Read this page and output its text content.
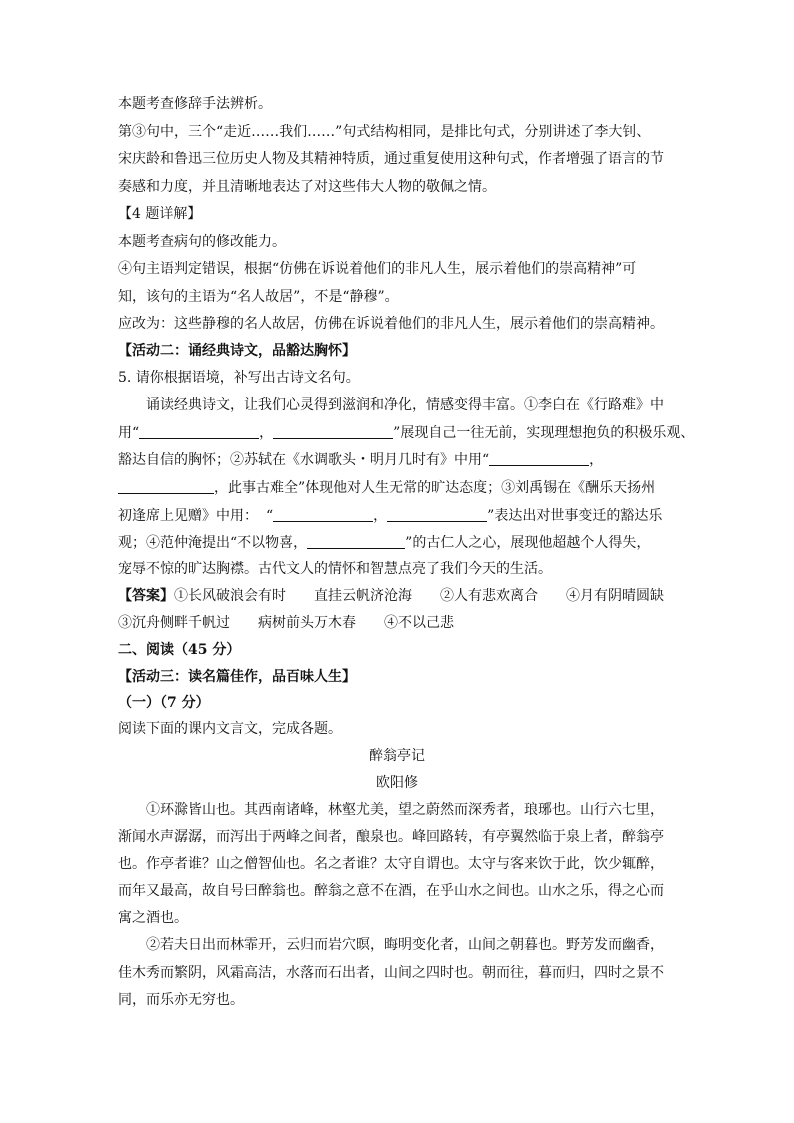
本题考查修辞手法辨析。
第③句中，三个“走近……我们……”句式结构相同，是排比句式，分别讲述了李大钊、
宋庆龄和鲁迅三位历史人物及其精神特质，通过重复使用这种句式，作者增强了语言的节
奏感和力度，并且清晰地表达了对这些伟大人物的敬佩之情。
【4 题详解】
本题考查病句的修改能力。
④句主语判定错误，根据“仿佛在诉说着他们的非凡人生，展示着他们的崇高精神”可
知，该句的主语为“名人故居”，不是“静穆”。
应改为：这些静穆的名人故居，仿佛在诉说着他们的非凡人生，展示着他们的崇高精神。
【活动二：诵经典诗文，品豁达胸怀】
5. 请你根据语境，补写出古诗文名句。
诵读经典诗文，让我们心灵得到滋润和净化，情感变得丰富。①李白在《行路难》中
用“	，	”展现自己一往无前，实现理想抱负的积极乐观、
豁达自信的胸怀；②苏轼在《水调歌头・明月几时有》中用“	，
，此事古难全”体现他对人生无常的旷达态度；③刘禹锡在《酬乐天扬州
初逢席上见赠》中用： “	，	”表达出对世事变迁的豁达乐
观；④范仲淹提出“不以物喜，	”的古仁人之心，展现他超越个人得失，
宠辱不惊的旷达胸襟。古代文人的情怀和智慧点亮了我们今天的生活。
【答案】①长风破浪会有时 直挂云帆济沧海 ②人有悲欢离合 ④月有阴晴圆缺
③沉舟侧畔千帆过 病树前头万木春 ④不以己悲
二、阅读（45 分）
【活动三：读名篇佳作，品百味人生】
（一）（7 分）
阅读下面的课内文言文，完成各题。
醉翁亭记
欧阳修
①环滁皆山也。其西南诸峰，林壑尤美，望之蔚然而深秀者，琅琊也。山行六七里，
渐闻水声潺潺，而泻出于两峰之间者，酿泉也。峰回路转，有亭翼然临于泉上者，醉翁亭
也。作亭者谁？山之僧智仙也。名之者谁？太守自谓也。太守与客来饮于此，饮少辄醉，
而年又最高，故自号曰醉翁也。醉翁之意不在酒，在乎山水之间也。山水之乐，得之心而
寓之酒也。
②若夫日出而林霏开，云归而岩穴暝，晦明变化者，山间之朝暮也。野芳发而幽香，
佳木秀而繁阴，风霜高洁，水落而石出者，山间之四时也。朝而往，暮而归，四时之景不
同，而乐亦无穷也。
